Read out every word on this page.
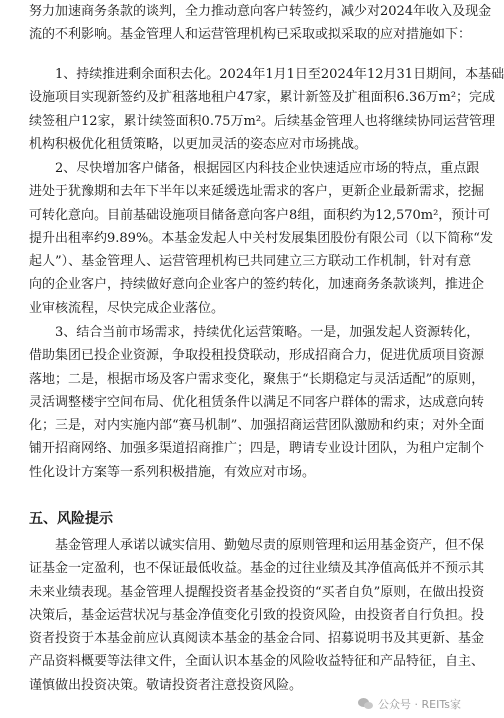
努力加速商务条款的谈判，全力推动意向客户转签约，减少对2024年收入及现金
流的不利影响。基金管理人和运营管理机构已采取或拟采取的应对措施如下：
　　1、持续推进剩余面积去化。2024年1月1日至2024年12月31日期间，本基础
设施项目实现新签约及扩租落地租户47家，累计新签及扩租面积6.36万m²；完成
续签租户12家，累计续签面积0.75万m²。后续基金管理人也将继续协同运营管理
机构积极优化租赁策略，以更加灵活的姿态应对市场挑战。
　　2、尽快增加客户储备，根据园区内科技企业快速适应市场的特点，重点跟
进处于犹豫期和去年下半年以来延缓选址需求的客户，更新企业最新需求，挖掘
可转化意向。目前基础设施项目储备意向客户8组，面积约为12,570m²，预计可
提升出租率约9.89%。本基金发起人中关村发展集团股份有限公司（以下简称“发
起人”）、基金管理人、运营管理机构已共同建立三方联动工作机制，针对有意
向的企业客户，持续做好意向企业客户的签约转化，加速商务条款谈判，推进企
业审核流程，尽快完成企业落位。
　　3、结合当前市场需求，持续优化运营策略。一是，加强发起人资源转化，
借助集团已投企业资源，争取投租投贷联动，形成招商合力，促进优质项目资源
落地；二是，根据市场及客户需求变化，聚焦于“长期稳定与灵活适配”的原则，
灵活调整楼宇空间布局、优化租赁条件以满足不同客户群体的需求，达成意向转
化；三是，对内实施内部“赛马机制”、加强招商运营团队激励和约束；对外全面
铺开招商网络、加强多渠道招商推广；四是，聘请专业设计团队，为租户定制个
性化设计方案等一系列积极措施，有效应对市场。
五、风险提示
　　基金管理人承诺以诚实信用、勤勉尽责的原则管理和运用基金资产，但不保
证基金一定盈利，也不保证最低收益。基金的过往业绩及其净值高低并不预示其
未来业绩表现。基金管理人提醒投资者基金投资的“买者自负”原则，在做出投资
决策后，基金运营状况与基金净值变化引致的投资风险，由投资者自行负担。投
资者投资于本基金前应认真阅读本基金的基金合同、招募说明书及其更新、基金
产品资料概要等法律文件，全面认识本基金的风险收益特征和产品特征，自主、
谨慎做出投资决策。敬请投资者注意投资风险。
公众号 · REITs家
